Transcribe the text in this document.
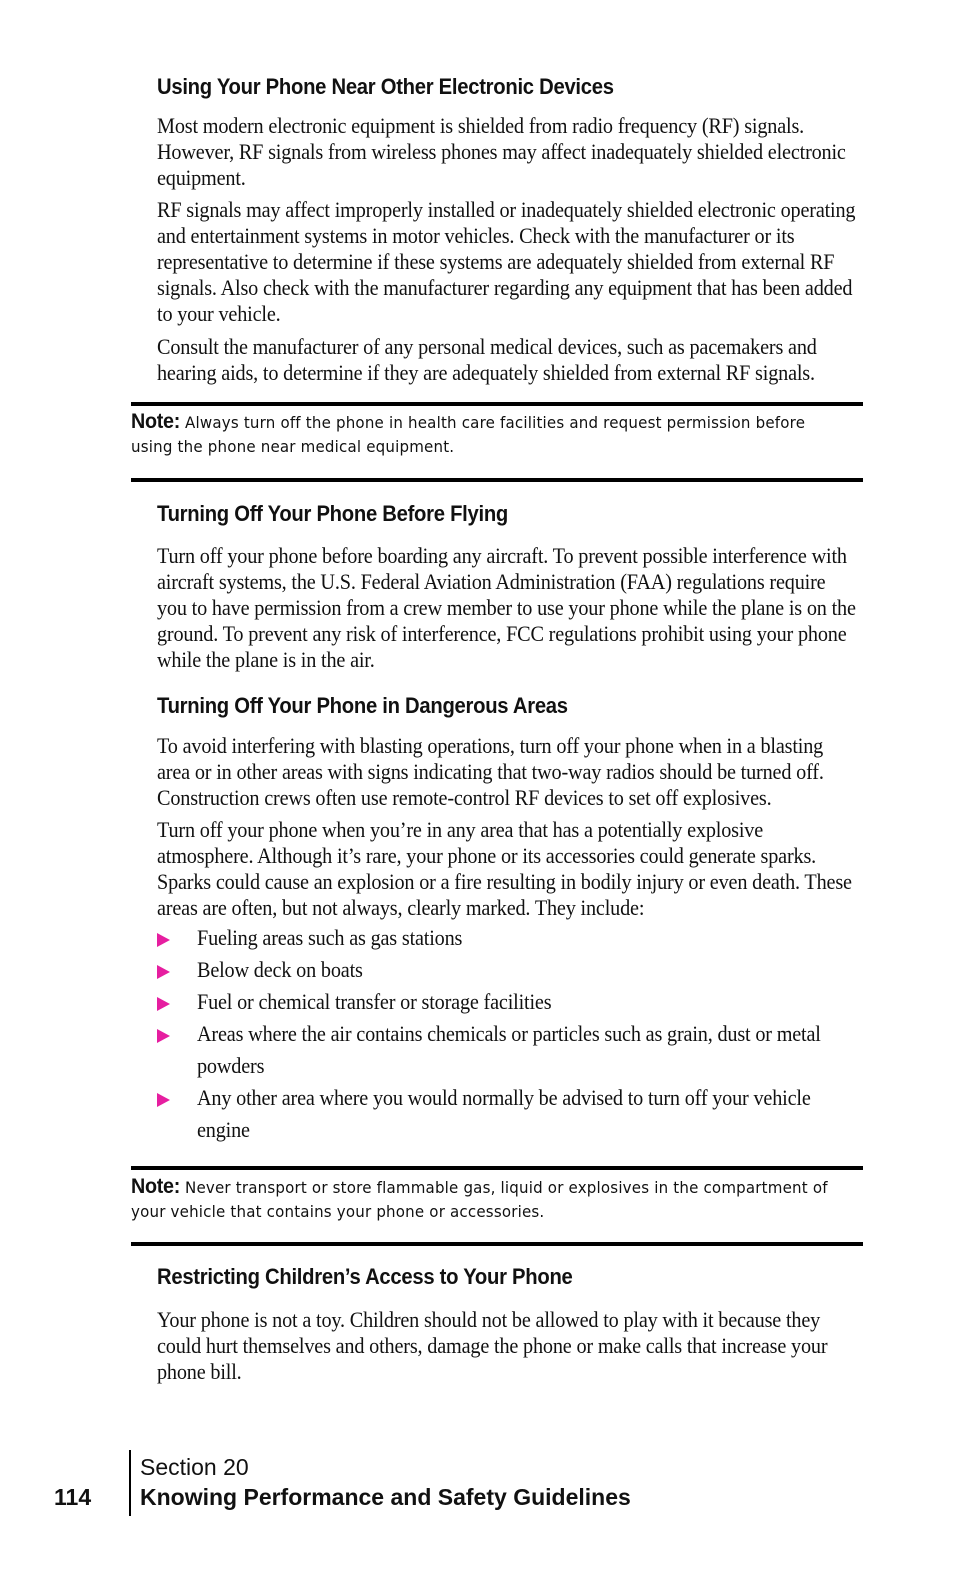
Using Your Phone Near Other Electronic Devices

Most modern electronic equipment is shielded from radio frequency (RF) signals. However, RF signals from wireless phones may affect inadequately shielded electronic equipment.

RF signals may affect improperly installed or inadequately shielded electronic operating and entertainment systems in motor vehicles. Check with the manufacturer or its representative to determine if these systems are adequately shielded from external RF signals. Also check with the manufacturer regarding any equipment that has been added to your vehicle.

Consult the manufacturer of any personal medical devices, such as pacemakers and hearing aids, to determine if they are adequately shielded from external RF signals.

Note: Always turn off the phone in health care facilities and request permission before using the phone near medical equipment.

Turning Off Your Phone Before Flying

Turn off your phone before boarding any aircraft. To prevent possible interference with aircraft systems, the U.S. Federal Aviation Administration (FAA) regulations require you to have permission from a crew member to use your phone while the plane is on the ground. To prevent any risk of interference, FCC regulations prohibit using your phone while the plane is in the air.

Turning Off Your Phone in Dangerous Areas

To avoid interfering with blasting operations, turn off your phone when in a blasting area or in other areas with signs indicating that two-way radios should be turned off. Construction crews often use remote-control RF devices to set off explosives.

Turn off your phone when you’re in any area that has a potentially explosive atmosphere. Although it’s rare, your phone or its accessories could generate sparks. Sparks could cause an explosion or a fire resulting in bodily injury or even death. These areas are often, but not always, clearly marked. They include:

Fueling areas such as gas stations
Below deck on boats
Fuel or chemical transfer or storage facilities
Areas where the air contains chemicals or particles such as grain, dust or metal powders
Any other area where you would normally be advised to turn off your vehicle engine

Note: Never transport or store flammable gas, liquid or explosives in the compartment of your vehicle that contains your phone or accessories.

Restricting Children’s Access to Your Phone

Your phone is not a toy. Children should not be allowed to play with it because they could hurt themselves and others, damage the phone or make calls that increase your phone bill.

114
Section 20
Knowing Performance and Safety Guidelines
